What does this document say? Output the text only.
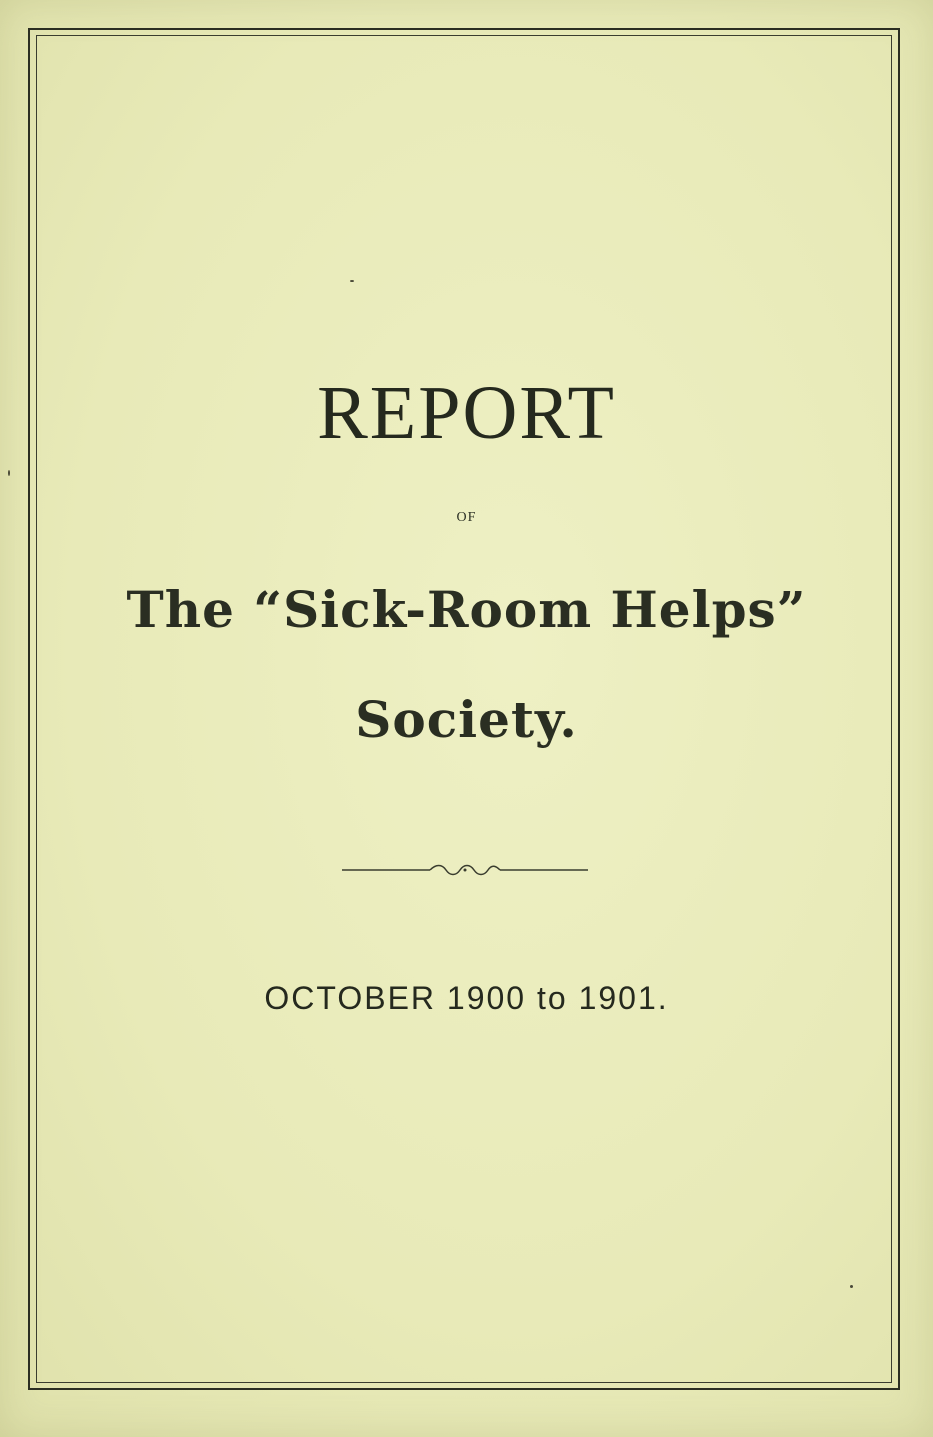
REPORT
OF
The “Sick-Room Helps”
Society.
OCTOBER 1900 to 1901.
